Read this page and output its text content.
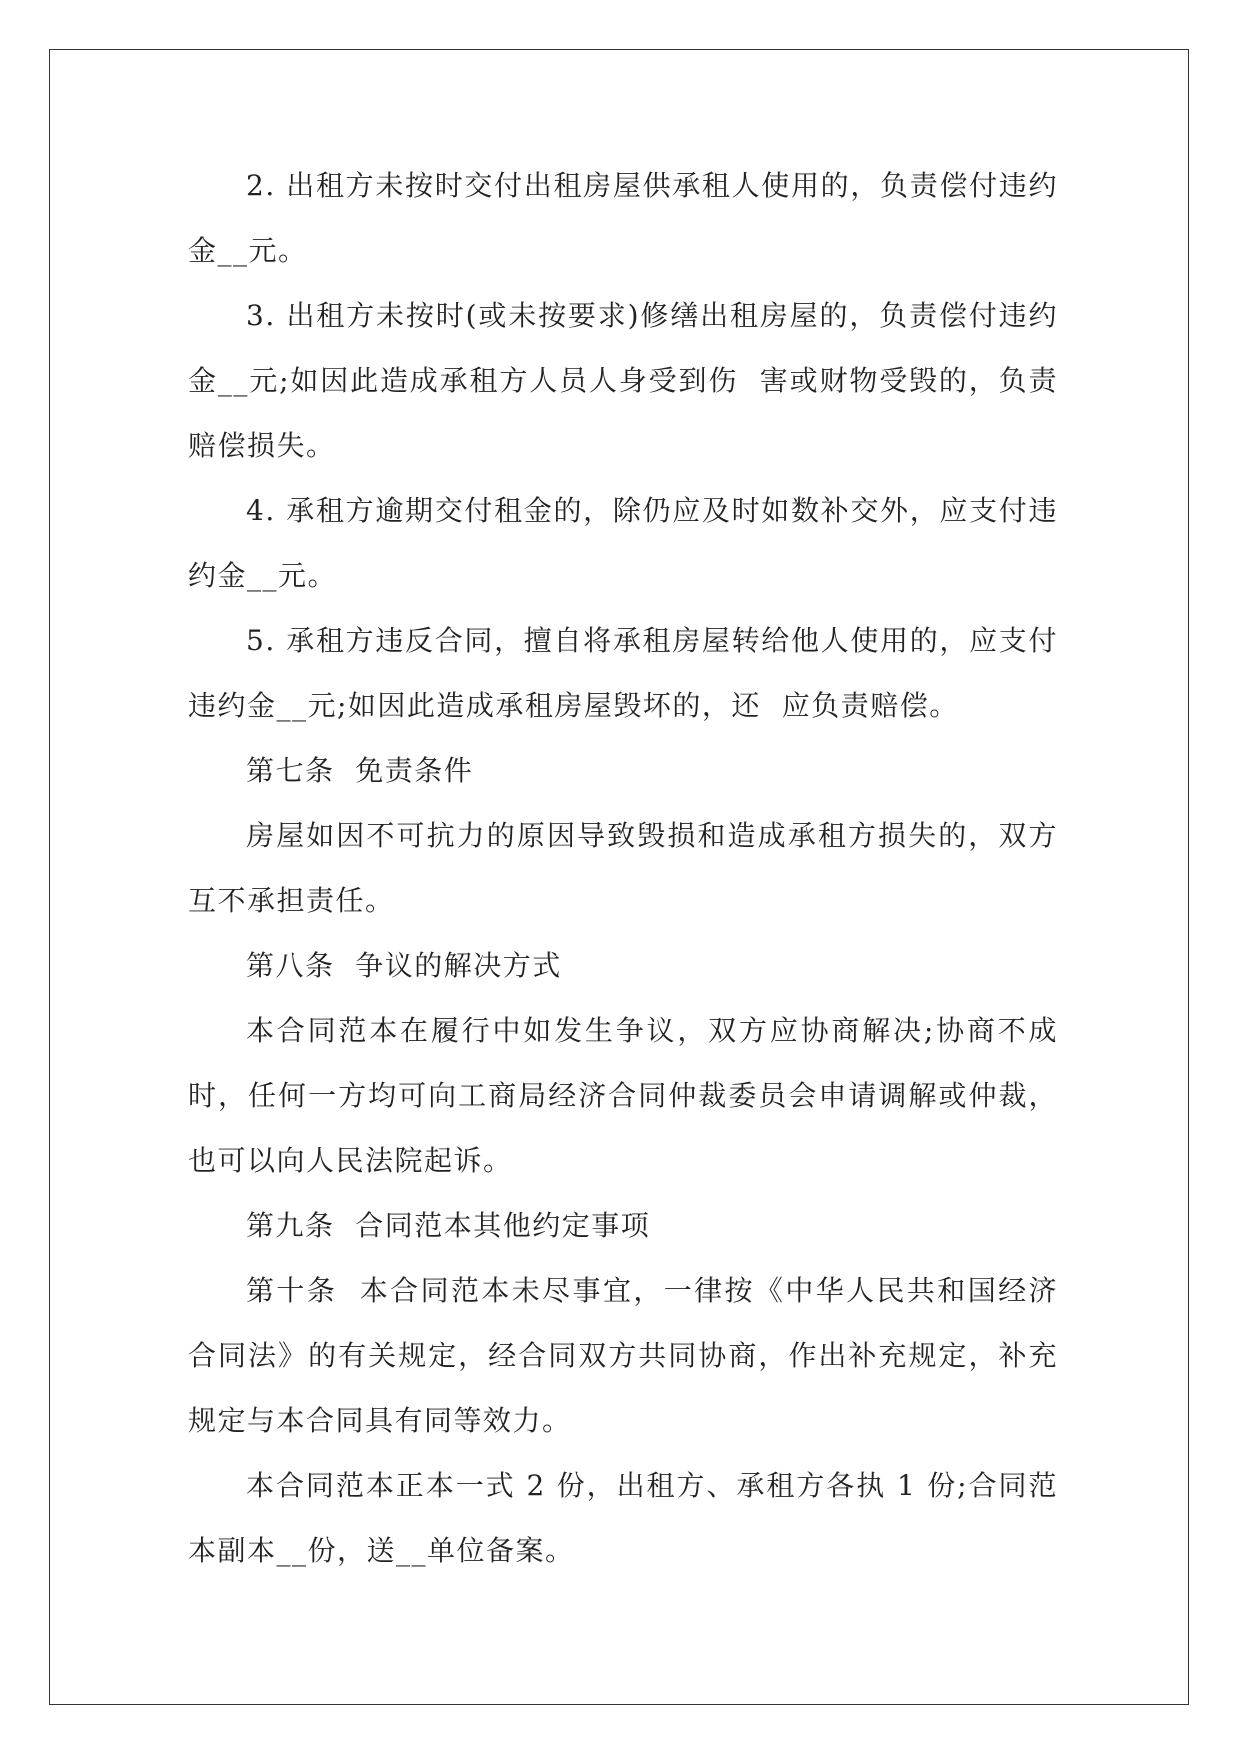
2. 出租方未按时交付出租房屋供承租人使用的，负责偿付违约金__元。

3. 出租方未按时(或未按要求)修缮出租房屋的，负责偿付违约金__元;如因此造成承租方人员人身受到伤  害或财物受毁的，负责赔偿损失。

4. 承租方逾期交付租金的，除仍应及时如数补交外，应支付违约金__元。

5. 承租方违反合同，擅自将承租房屋转给他人使用的，应支付违约金__元;如因此造成承租房屋毁坏的，还  应负责赔偿。

第七条  免责条件

房屋如因不可抗力的原因导致毁损和造成承租方损失的，双方互不承担责任。

第八条  争议的解决方式

本合同范本在履行中如发生争议，双方应协商解决;协商不成时，任何一方均可向工商局经济合同仲裁委员会申请调解或仲裁，也可以向人民法院起诉。

第九条  合同范本其他约定事项

第十条  本合同范本未尽事宜，一律按《中华人民共和国经济合同法》的有关规定，经合同双方共同协商，作出补充规定，补充规定与本合同具有同等效力。

本合同范本正本一式 2 份，出租方、承租方各执 1 份;合同范本副本__份，送__单位备案。
